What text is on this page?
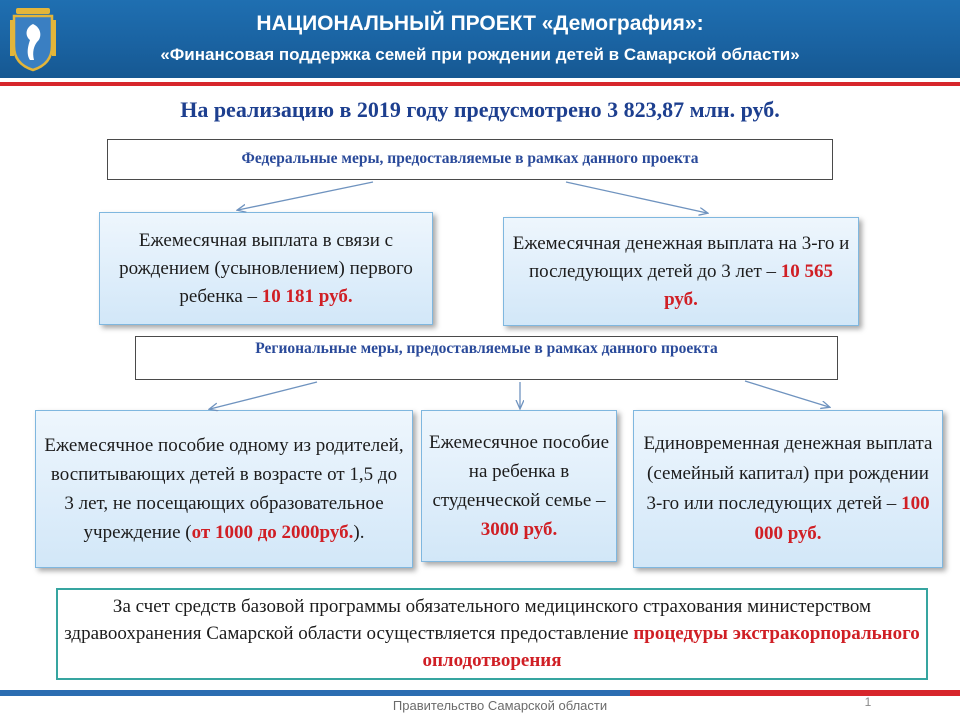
НАЦИОНАЛЬНЫЙ ПРОЕКТ «Демография»:
«Финансовая поддержка семей при рождении детей в Самарской области»
На реализацию в 2019 году предусмотрено 3 823,87 млн. руб.
Федеральные меры, предоставляемые в рамках данного проекта
Ежемесячная выплата в связи с рождением (усыновлением) первого ребенка – 10 181 руб.
Ежемесячная денежная выплата на 3-го и последующих детей до 3 лет – 10 565 руб.
Региональные меры, предоставляемые в рамках данного проекта
Ежемесячное пособие одному из родителей, воспитывающих детей в возрасте от 1,5 до 3 лет, не посещающих образовательное учреждение (от 1000 до 2000руб.).
Ежемесячное пособие на ребенка в студенческой семье – 3000 руб.
Единовременная денежная выплата (семейный капитал) при рождении 3-го или последующих детей – 100 000 руб.
За счет средств базовой программы обязательного медицинского страхования министерством здравоохранения Самарской области осуществляется предоставление процедуры экстракорпорального оплодотворения
Правительство Самарской области	1
